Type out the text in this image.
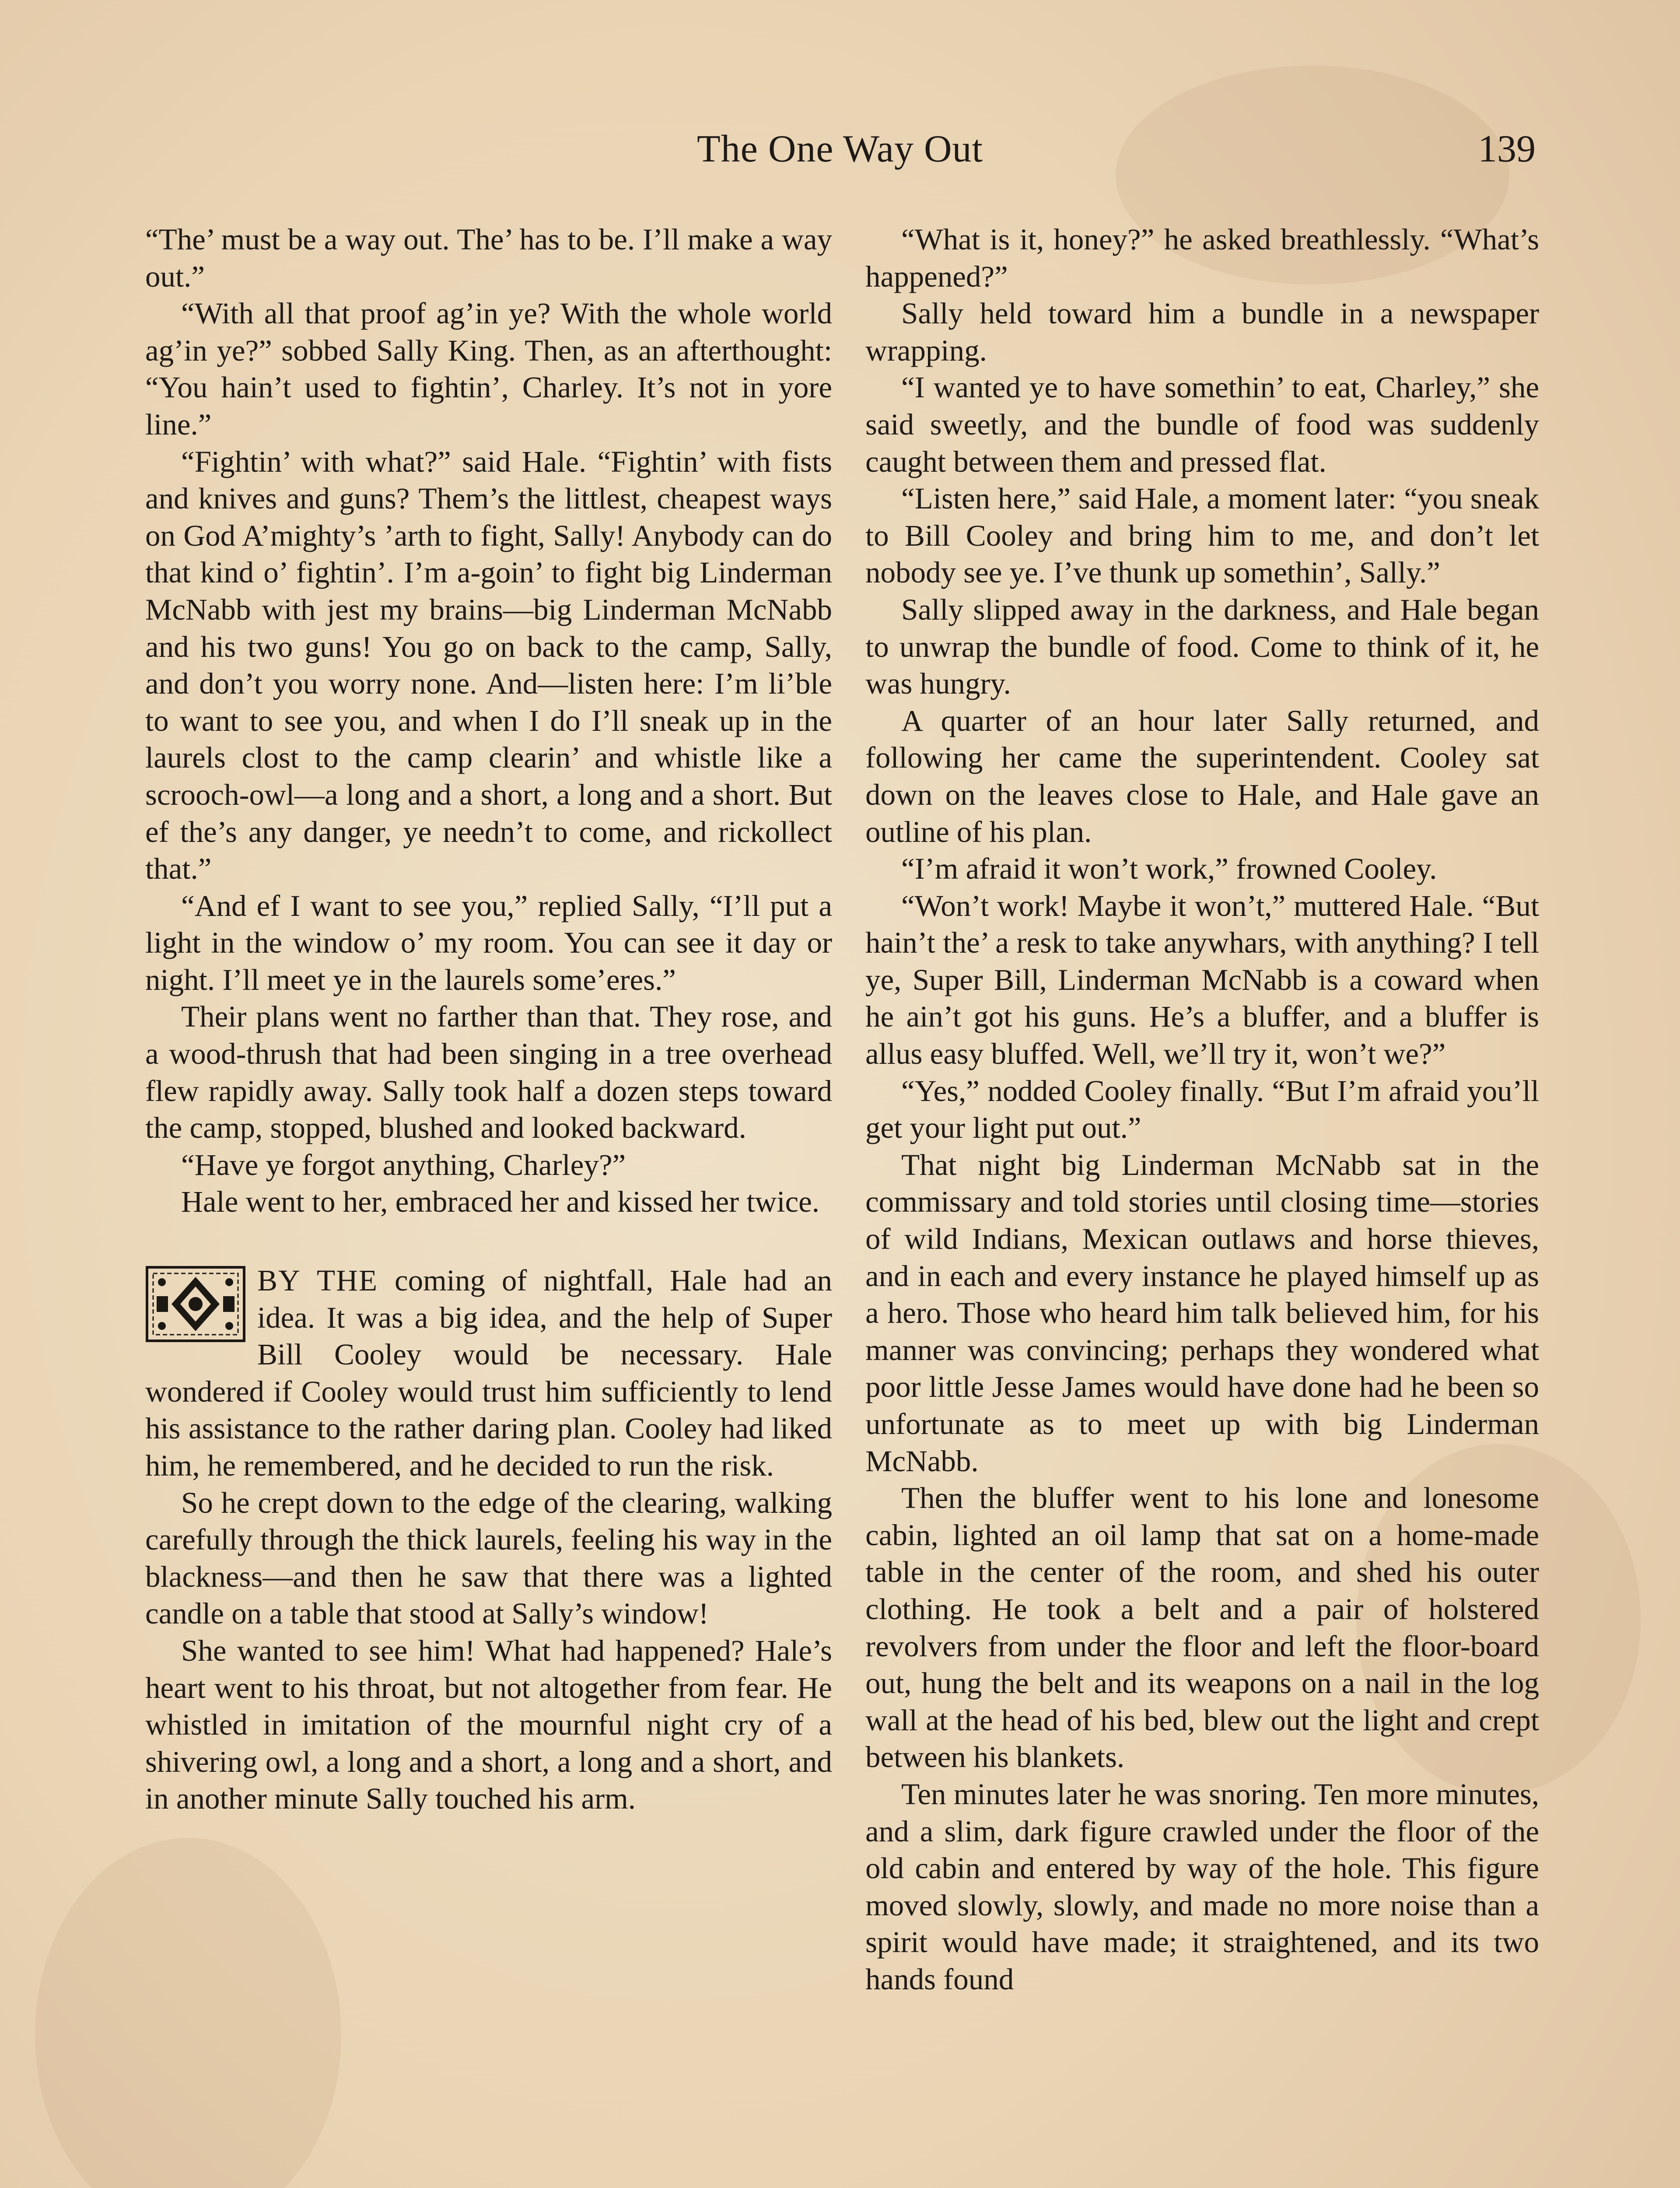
The One Way Out	139

“The’ must be a way out. The’ has to be. I’ll make a way out.”

“With all that proof ag’in ye? With the whole world ag’in ye?” sobbed Sally King. Then, as an afterthought: “You hain’t used to fightin’, Charley. It’s not in yore line.”

“Fightin’ with what?” said Hale. “Fightin’ with fists and knives and guns? Them’s the littlest, cheapest ways on God A’mighty’s ’arth to fight, Sally! Anybody can do that kind o’ fightin’. I’m a-goin’ to fight big Linderman McNabb with jest my brains—big Linderman McNabb and his two guns! You go on back to the camp, Sally, and don’t you worry none. And—listen here: I’m li’ble to want to see you, and when I do I’ll sneak up in the laurels clost to the camp clearin’ and whistle like a scrooch-owl—a long and a short, a long and a short. But ef the’s any danger, ye needn’t to come, and rickollect that.”

“And ef I want to see you,” replied Sally, “I’ll put a light in the window o’ my room. You can see it day or night. I’ll meet ye in the laurels some’eres.”

Their plans went no farther than that. They rose, and a wood-thrush that had been singing in a tree overhead flew rapidly away. Sally took half a dozen steps toward the camp, stopped, blushed and looked backward.

“Have ye forgot anything, Charley?”

Hale went to her, embraced her and kissed her twice.

BY THE coming of nightfall, Hale had an idea. It was a big idea, and the help of Super Bill Cooley would be necessary. Hale wondered if Cooley would trust him sufficiently to lend his assistance to the rather daring plan. Cooley had liked him, he remembered, and he decided to run the risk.

So he crept down to the edge of the clearing, walking carefully through the thick laurels, feeling his way in the blackness—and then he saw that there was a lighted candle on a table that stood at Sally’s window!

She wanted to see him! What had happened? Hale’s heart went to his throat, but not altogether from fear. He whistled in imitation of the mournful night cry of a shivering owl, a long and a short, a long and a short, and in another minute Sally touched his arm.

“What is it, honey?” he asked breathlessly. “What’s happened?”

Sally held toward him a bundle in a newspaper wrapping.

“I wanted ye to have somethin’ to eat, Charley,” she said sweetly, and the bundle of food was suddenly caught between them and pressed flat.

“Listen here,” said Hale, a moment later: “you sneak to Bill Cooley and bring him to me, and don’t let nobody see ye. I’ve thunk up somethin’, Sally.”

Sally slipped away in the darkness, and Hale began to unwrap the bundle of food. Come to think of it, he was hungry.

A quarter of an hour later Sally returned, and following her came the superintendent. Cooley sat down on the leaves close to Hale, and Hale gave an outline of his plan.

“I’m afraid it won’t work,” frowned Cooley.

“Won’t work! Maybe it won’t,” muttered Hale. “But hain’t the’ a resk to take anywhars, with anything? I tell ye, Super Bill, Linderman McNabb is a coward when he ain’t got his guns. He’s a bluffer, and a bluffer is allus easy bluffed. Well, we’ll try it, won’t we?”

“Yes,” nodded Cooley finally. “But I’m afraid you’ll get your light put out.”

That night big Linderman McNabb sat in the commissary and told stories until closing time—stories of wild Indians, Mexican outlaws and horse thieves, and in each and every instance he played himself up as a hero. Those who heard him talk believed him, for his manner was convincing; perhaps they wondered what poor little Jesse James would have done had he been so unfortunate as to meet up with big Linderman McNabb.

Then the bluffer went to his lone and lonesome cabin, lighted an oil lamp that sat on a home-made table in the center of the room, and shed his outer clothing. He took a belt and a pair of holstered revolvers from under the floor and left the floor-board out, hung the belt and its weapons on a nail in the log wall at the head of his bed, blew out the light and crept between his blankets.

Ten minutes later he was snoring. Ten more minutes, and a slim, dark figure crawled under the floor of the old cabin and entered by way of the hole. This figure moved slowly, slowly, and made no more noise than a spirit would have made; it straightened, and its two hands found
